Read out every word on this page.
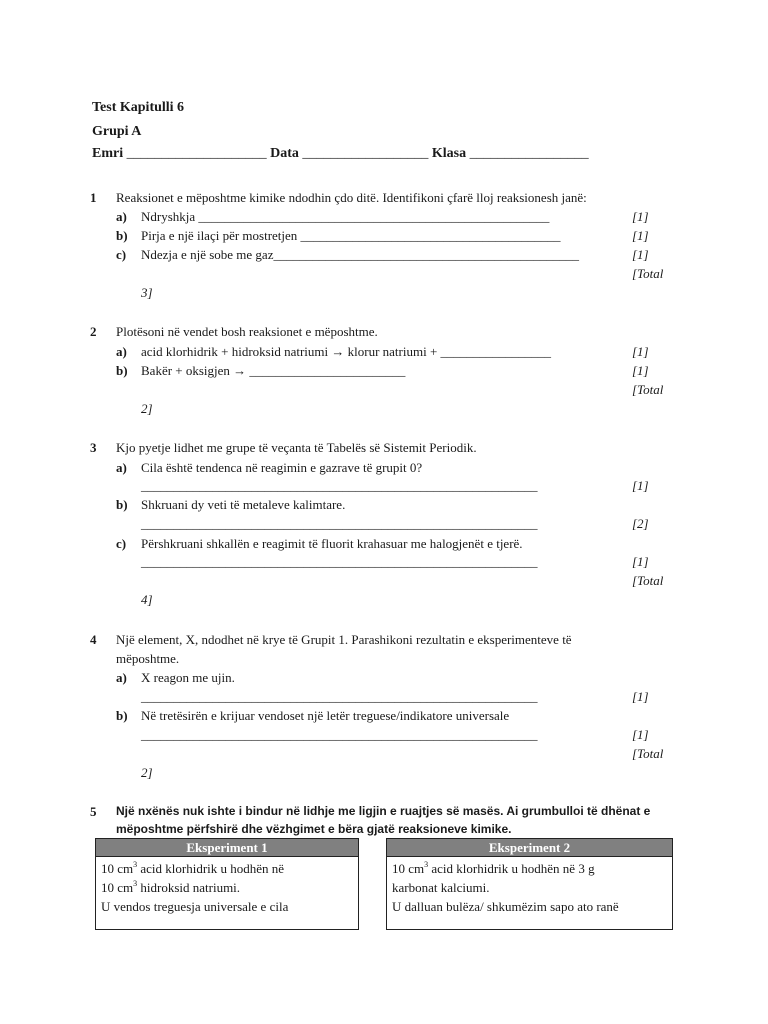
Test Kapitulli 6
Grupi A
Emri ____________________ Data __________________ Klasa _________________
1 Reaksionet e mëposhtme kimike ndodhin çdo ditë. Identifikoni çfarë lloj reaksionesh janë:
a) Ndryshkja ______________________________________________________	[1]
b) Pirja e një ilaçi për mostretjen ________________________________________	[1]
c) Ndezja e një sobe me gaz_______________________________________________	[1]
[Total
3]
2 Plotësoni në vendet bosh reaksionet e mëposhtme.
a) acid klorhidrik + hidroksid natriumi → klorur natriumi + _________________	[1]
b) Bakër + oksigjen → ________________________	[1]
[Total
2]
3 Kjo pyetje lidhet me grupe të veçanta të Tabelës së Sistemit Periodik.
a) Cila është tendenca në reagimin e gazrave të grupit 0?
_____________________________________________________________	[1]
b) Shkruani dy veti të metaleve kalimtare.
_____________________________________________________________	[2]
c) Përshkruani shkallën e reagimit të fluorit krahasuar me halogjenët e tjerë.
_____________________________________________________________	[1]
[Total
4]
4 Një element, X, ndodhet në krye të Grupit 1. Parashikoni rezultatin e eksperimenteve të
mëposhtme.
a) X reagon me ujin.
_____________________________________________________________	[1]
b) Në tretësirën e krijuar vendoset një letër treguese/indikatore universale
_____________________________________________________________	[1]
[Total
2]
5 Një nxënës nuk ishte i bindur në lidhje me ligjin e ruajtjes së masës. Ai grumbulloi të dhënat e
mëposhtme përfshirë dhe vëzhgimet e bëra gjatë reaksioneve kimike.
Eksperiment 1
10 $cm^3$ acid klorhidrik u hodhën në
10 $cm^3$ hidroksid natriumi.
U vendos treguesja universale e cila
Eksperiment 2
10 $cm^3$ acid klorhidrik u hodhën në 3 g
karbonat kalciumi.
U dalluan bulëza/ shkumëzim sapo ato ranë
